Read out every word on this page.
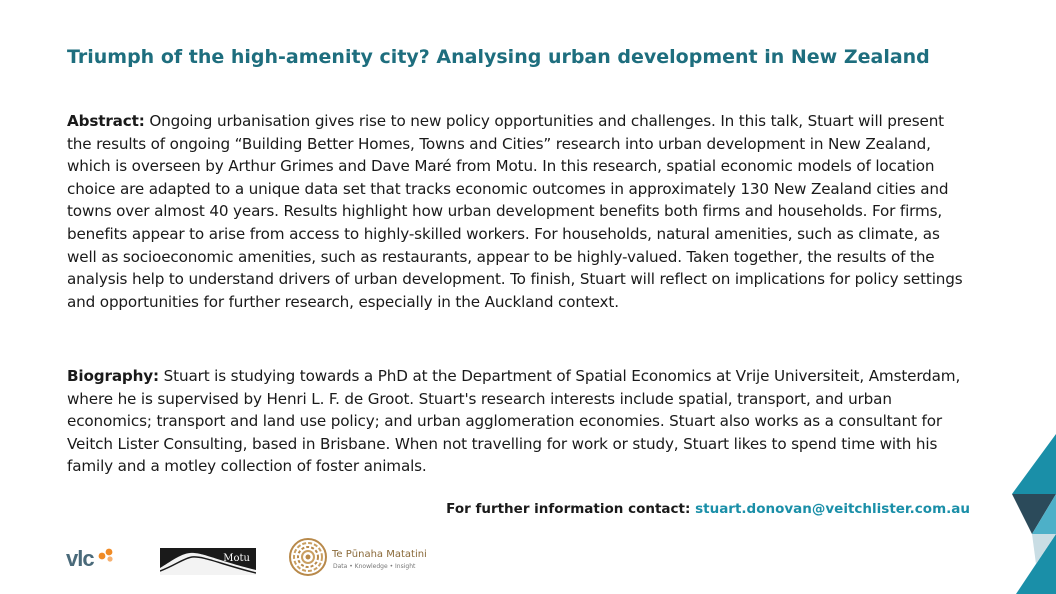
Triumph of the high-amenity city? Analysing urban development in New Zealand
Abstract: Ongoing urbanisation gives rise to new policy opportunities and challenges. In this talk, Stuart will present the results of ongoing “Building Better Homes, Towns and Cities” research into urban development in New Zealand, which is overseen by Arthur Grimes and Dave Maré from Motu. In this research, spatial economic models of location choice are adapted to a unique data set that tracks economic outcomes in approximately 130 New Zealand cities and towns over almost 40 years. Results highlight how urban development benefits both firms and households. For firms, benefits appear to arise from access to highly-skilled workers. For households, natural amenities, such as climate, as well as socioeconomic amenities, such as restaurants, appear to be highly-valued. Taken together, the results of the analysis help to understand drivers of urban development. To finish, Stuart will reflect on implications for policy settings and opportunities for further research, especially in the Auckland context.
Biography: Stuart is studying towards a PhD at the Department of Spatial Economics at Vrije Universiteit, Amsterdam, where he is supervised by Henri L. F. de Groot. Stuart's research interests include spatial, transport, and urban economics; transport and land use policy; and urban agglomeration economies. Stuart also works as a consultant for Veitch Lister Consulting, based in Brisbane. When not travelling for work or study, Stuart likes to spend time with his family and a motley collection of foster animals.
For further information contact: stuart.donovan@veitchlister.com.au
vlc	Motu	Te Pūnaha Matatini
Data • Knowledge • Insight
